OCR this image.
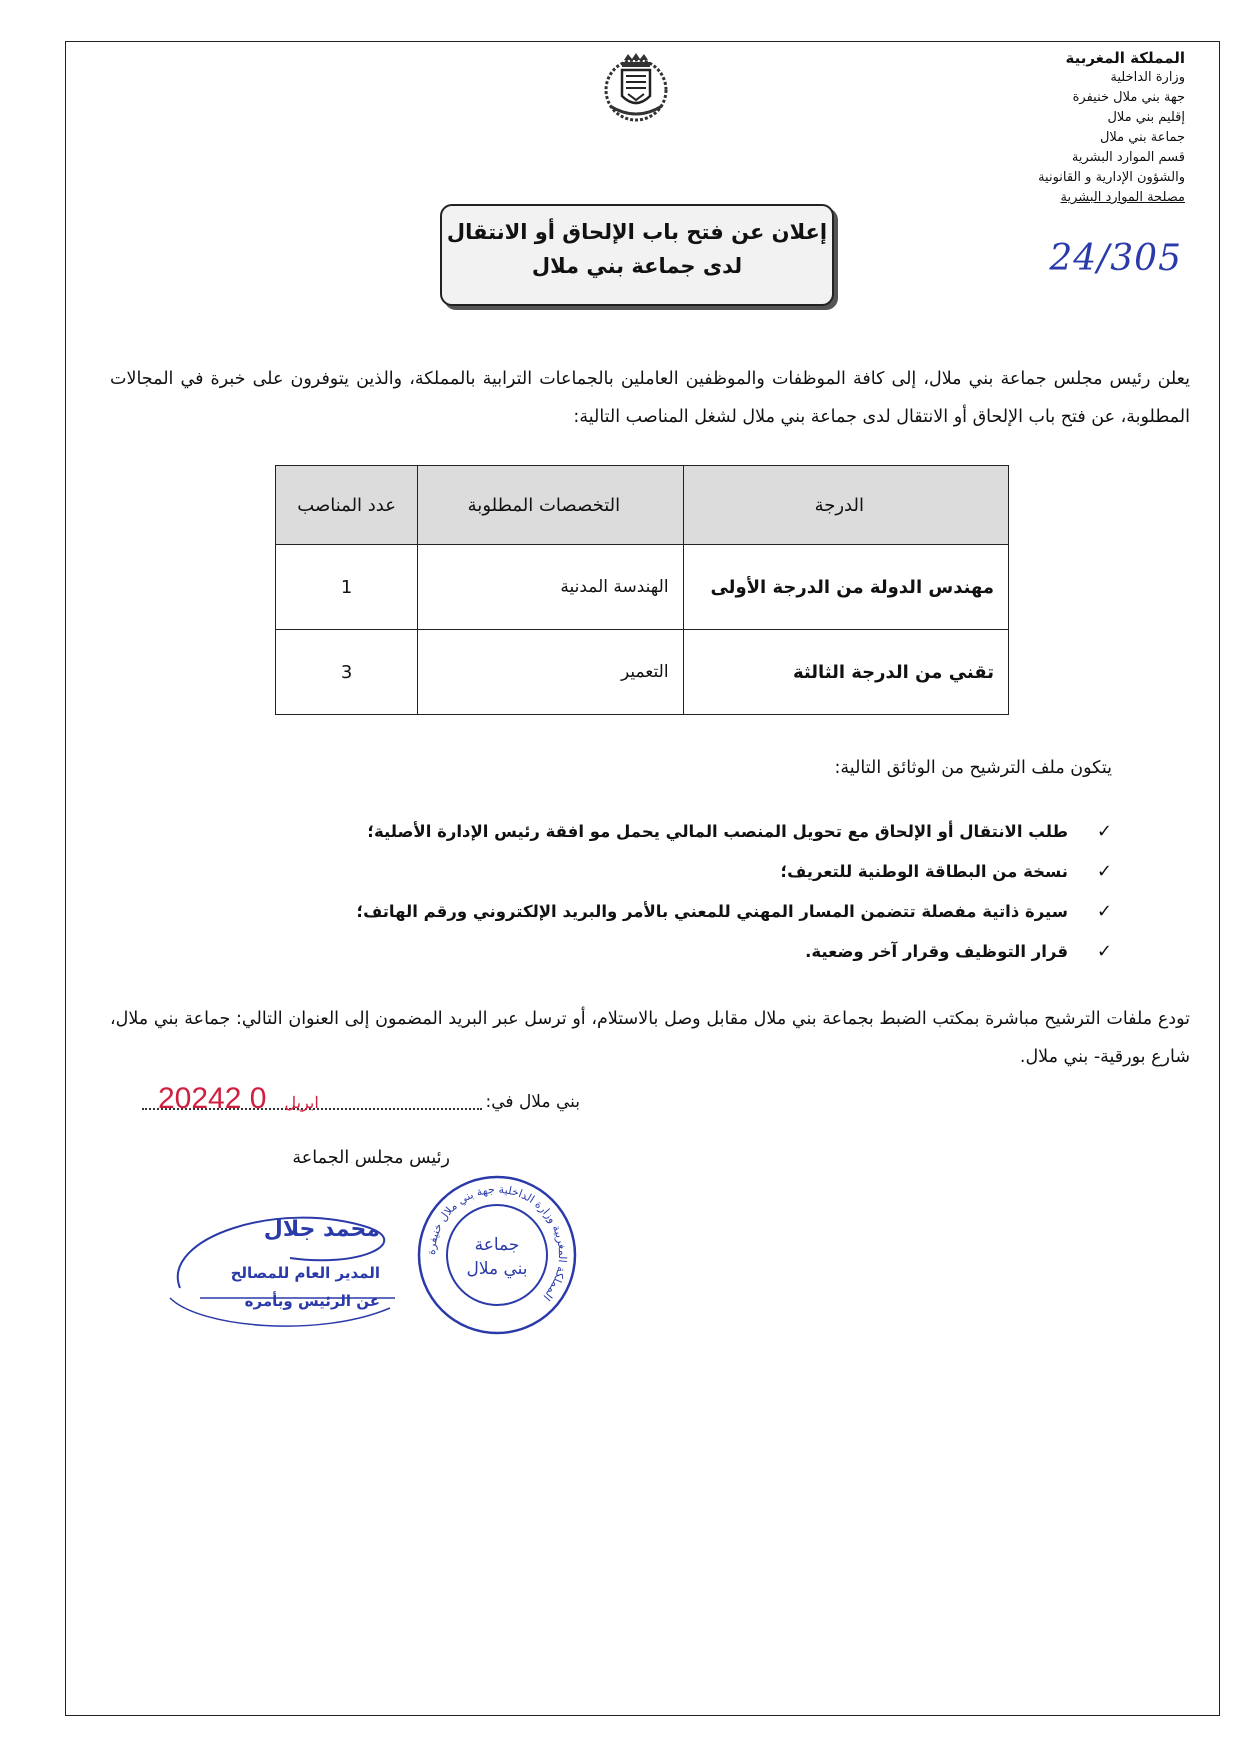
المملكة المغربية
وزارة الداخلية
جهة بني ملال خنيفرة
إقليم بني ملال
جماعة بني ملال
قسم الموارد البشرية
والشؤون الإدارية و القانونية
مصلحة الموارد البشرية
24/305
إعلان عن فتح باب الإلحاق أو الانتقال
لدى جماعة بني ملال
يعلن رئيس مجلس جماعة بني ملال، إلى كافة الموظفات والموظفين العاملين بالجماعات الترابية بالمملكة، والذين يتوفرون على خبرة في المجالات المطلوبة، عن فتح باب الإلحاق أو الانتقال لدى جماعة بني ملال لشغل المناصب التالية:
الدرجة	التخصصات المطلوبة	عدد المناصب
مهندس الدولة من الدرجة الأولى	الهندسة المدنية	1
تقني من الدرجة الثالثة	التعمير	3
يتكون ملف الترشيح من الوثائق التالية:
✓طلب الانتقال أو الإلحاق مع تحويل المنصب المالي يحمل مو افقة رئيس الإدارة الأصلية؛
✓نسخة من البطاقة الوطنية للتعريف؛
✓سيرة ذاتية مفصلة تتضمن المسار المهني للمعني بالأمر والبريد الإلكتروني ورقم الهاتف؛
✓قرار التوظيف وقرار آخر وضعية.
تودع ملفات الترشيح مباشرة بمكتب الضبط بجماعة بني ملال مقابل وصل بالاستلام، أو ترسل عبر البريد المضمون إلى العنوان التالي: جماعة بني ملال، شارع بورقية- بني ملال.
بني ملال في:
2024	ابريل0 2
رئيس مجلس الجماعة
محمد جلال
المدير العام للمصالح
عن الرئيس وبأمره
المملكة المغربية وزارة الداخلية جهة بني ملال خنيفرة
جماعة
بني ملال
